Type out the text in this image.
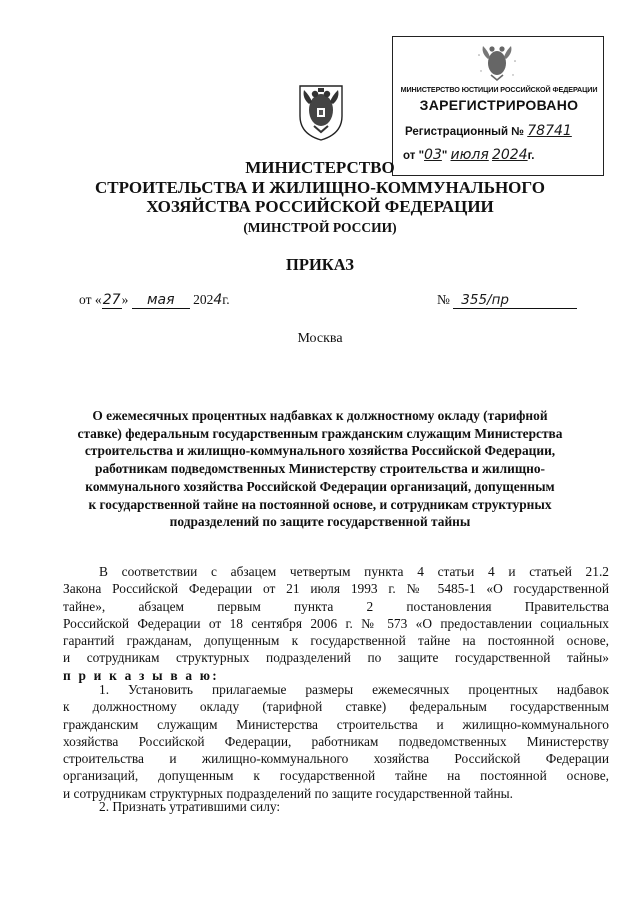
МИНИСТЕРСТВО ЮСТИЦИИ РОССИЙСКОЙ ФЕДЕРАЦИИ
ЗАРЕГИСТРИРОВАНО
Регистрационный № 78741
от "03" июля 2024г.
МИНИСТЕРСТВО
СТРОИТЕЛЬСТВА И ЖИЛИЩНО-КОММУНАЛЬНОГО
ХОЗЯЙСТВА РОССИЙСКОЙ ФЕДЕРАЦИИ
(МИНСТРОЙ РОССИИ)
ПРИКАЗ
от «27» мая 2024г.	№ 355/пр
Москва
О ежемесячных процентных надбавках к должностному окладу (тарифной
ставке) федеральным государственным гражданским служащим Министерства
строительства и жилищно-коммунального хозяйства Российской Федерации,
работникам подведомственных Министерству строительства и жилищно-
коммунального хозяйства Российской Федерации организаций, допущенным
к государственной тайне на постоянной основе, и сотрудникам структурных
подразделений по защите государственной тайны
В соответствии с абзацем четвертым пункта 4 статьи 4 и статьей 21.2
Закона Российской Федерации от 21 июля 1993 г. № 5485-1 «О государственной
тайне», абзацем первым пункта 2 постановления Правительства
Российской Федерации от 18 сентября 2006 г. № 573 «О предоставлении социальных
гарантий гражданам, допущенным к государственной тайне на постоянной основе,
и сотрудникам структурных подразделений по защите государственной тайны»
п р и к а з ы в а ю:
1. Установить прилагаемые размеры ежемесячных процентных надбавок
к должностному окладу (тарифной ставке) федеральным государственным
гражданским служащим Министерства строительства и жилищно-коммунального
хозяйства Российской Федерации, работникам подведомственных Министерству
строительства и жилищно-коммунального хозяйства Российской Федерации
организаций, допущенным к государственной тайне на постоянной основе,
и сотрудникам структурных подразделений по защите государственной тайны.
2. Признать утратившими силу:
